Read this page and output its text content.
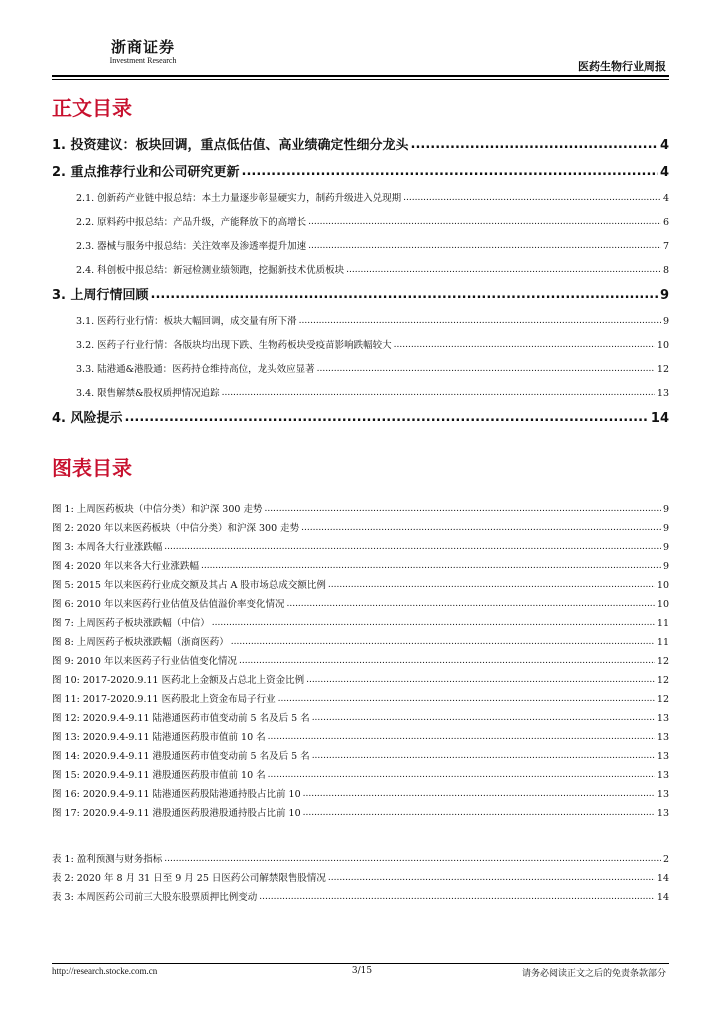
浙商证券
Investment Research	医药生物行业周报
正文目录
1. 投资建议：板块回调，重点低估值、高业绩确定性细分龙头 .....	4
2. 重点推荐行业和公司研究更新 .....	4
2.1. 创新药产业链中报总结：本土力量逐步彰显硬实力，制药升级进入兑现期 .....	4
2.2. 原料药中报总结：产品升级，产能释放下的高增长 .....	6
2.3. 器械与服务中报总结：关注效率及渗透率提升加速 .....	7
2.4. 科创板中报总结：新冠检测业绩领跑，挖掘新技术优质板块 .....	8
3. 上周行情回顾 .....	9
3.1. 医药行业行情：板块大幅回调，成交量有所下滑 .....	9
3.2. 医药子行业行情：各版块均出现下跌、生物药板块受疫苗影响跌幅较大 .....	10
3.3. 陆港通&港股通：医药持仓维持高位，龙头效应显著 .....	12
3.4. 限售解禁&股权质押情况追踪 .....	13
4. 风险提示 .....	14
图表目录
图 1: 上周医药板块（中信分类）和沪深 300 走势 .....	9
图 2: 2020 年以来医药板块（中信分类）和沪深 300 走势 .....	9
图 3: 本周各大行业涨跌幅 .....	9
图 4: 2020 年以来各大行业涨跌幅 .....	9
图 5: 2015 年以来医药行业成交额及其占 A 股市场总成交额比例 .....	10
图 6: 2010 年以来医药行业估值及估值溢价率变化情况 .....	10
图 7: 上周医药子板块涨跌幅（中信） .....	11
图 8: 上周医药子板块涨跌幅（浙商医药） .....	11
图 9: 2010 年以来医药子行业估值变化情况 .....	12
图 10: 2017-2020.9.11 医药北上金额及占总北上资金比例 .....	12
图 11: 2017-2020.9.11 医药股北上资金布局子行业 .....	12
图 12: 2020.9.4-9.11 陆港通医药市值变动前 5 名及后 5 名 .....	13
图 13: 2020.9.4-9.11 陆港通医药股市值前 10 名 .....	13
图 14: 2020.9.4-9.11 港股通医药市值变动前 5 名及后 5 名 .....	13
图 15: 2020.9.4-9.11 港股通医药股市值前 10 名 .....	13
图 16: 2020.9.4-9.11 陆港通医药股陆港通持股占比前 10 .....	13
图 17: 2020.9.4-9.11 港股通医药股港股通持股占比前 10 .....	13
表 1: 盈利预测与财务指标 .....	2
表 2: 2020 年 8 月 31 日至 9 月 25 日医药公司解禁限售股情况 .....	14
表 3: 本周医药公司前三大股东股票质押比例变动 .....	14
http://research.stocke.com.cn	3/15	请务必阅读正文之后的免责条款部分
